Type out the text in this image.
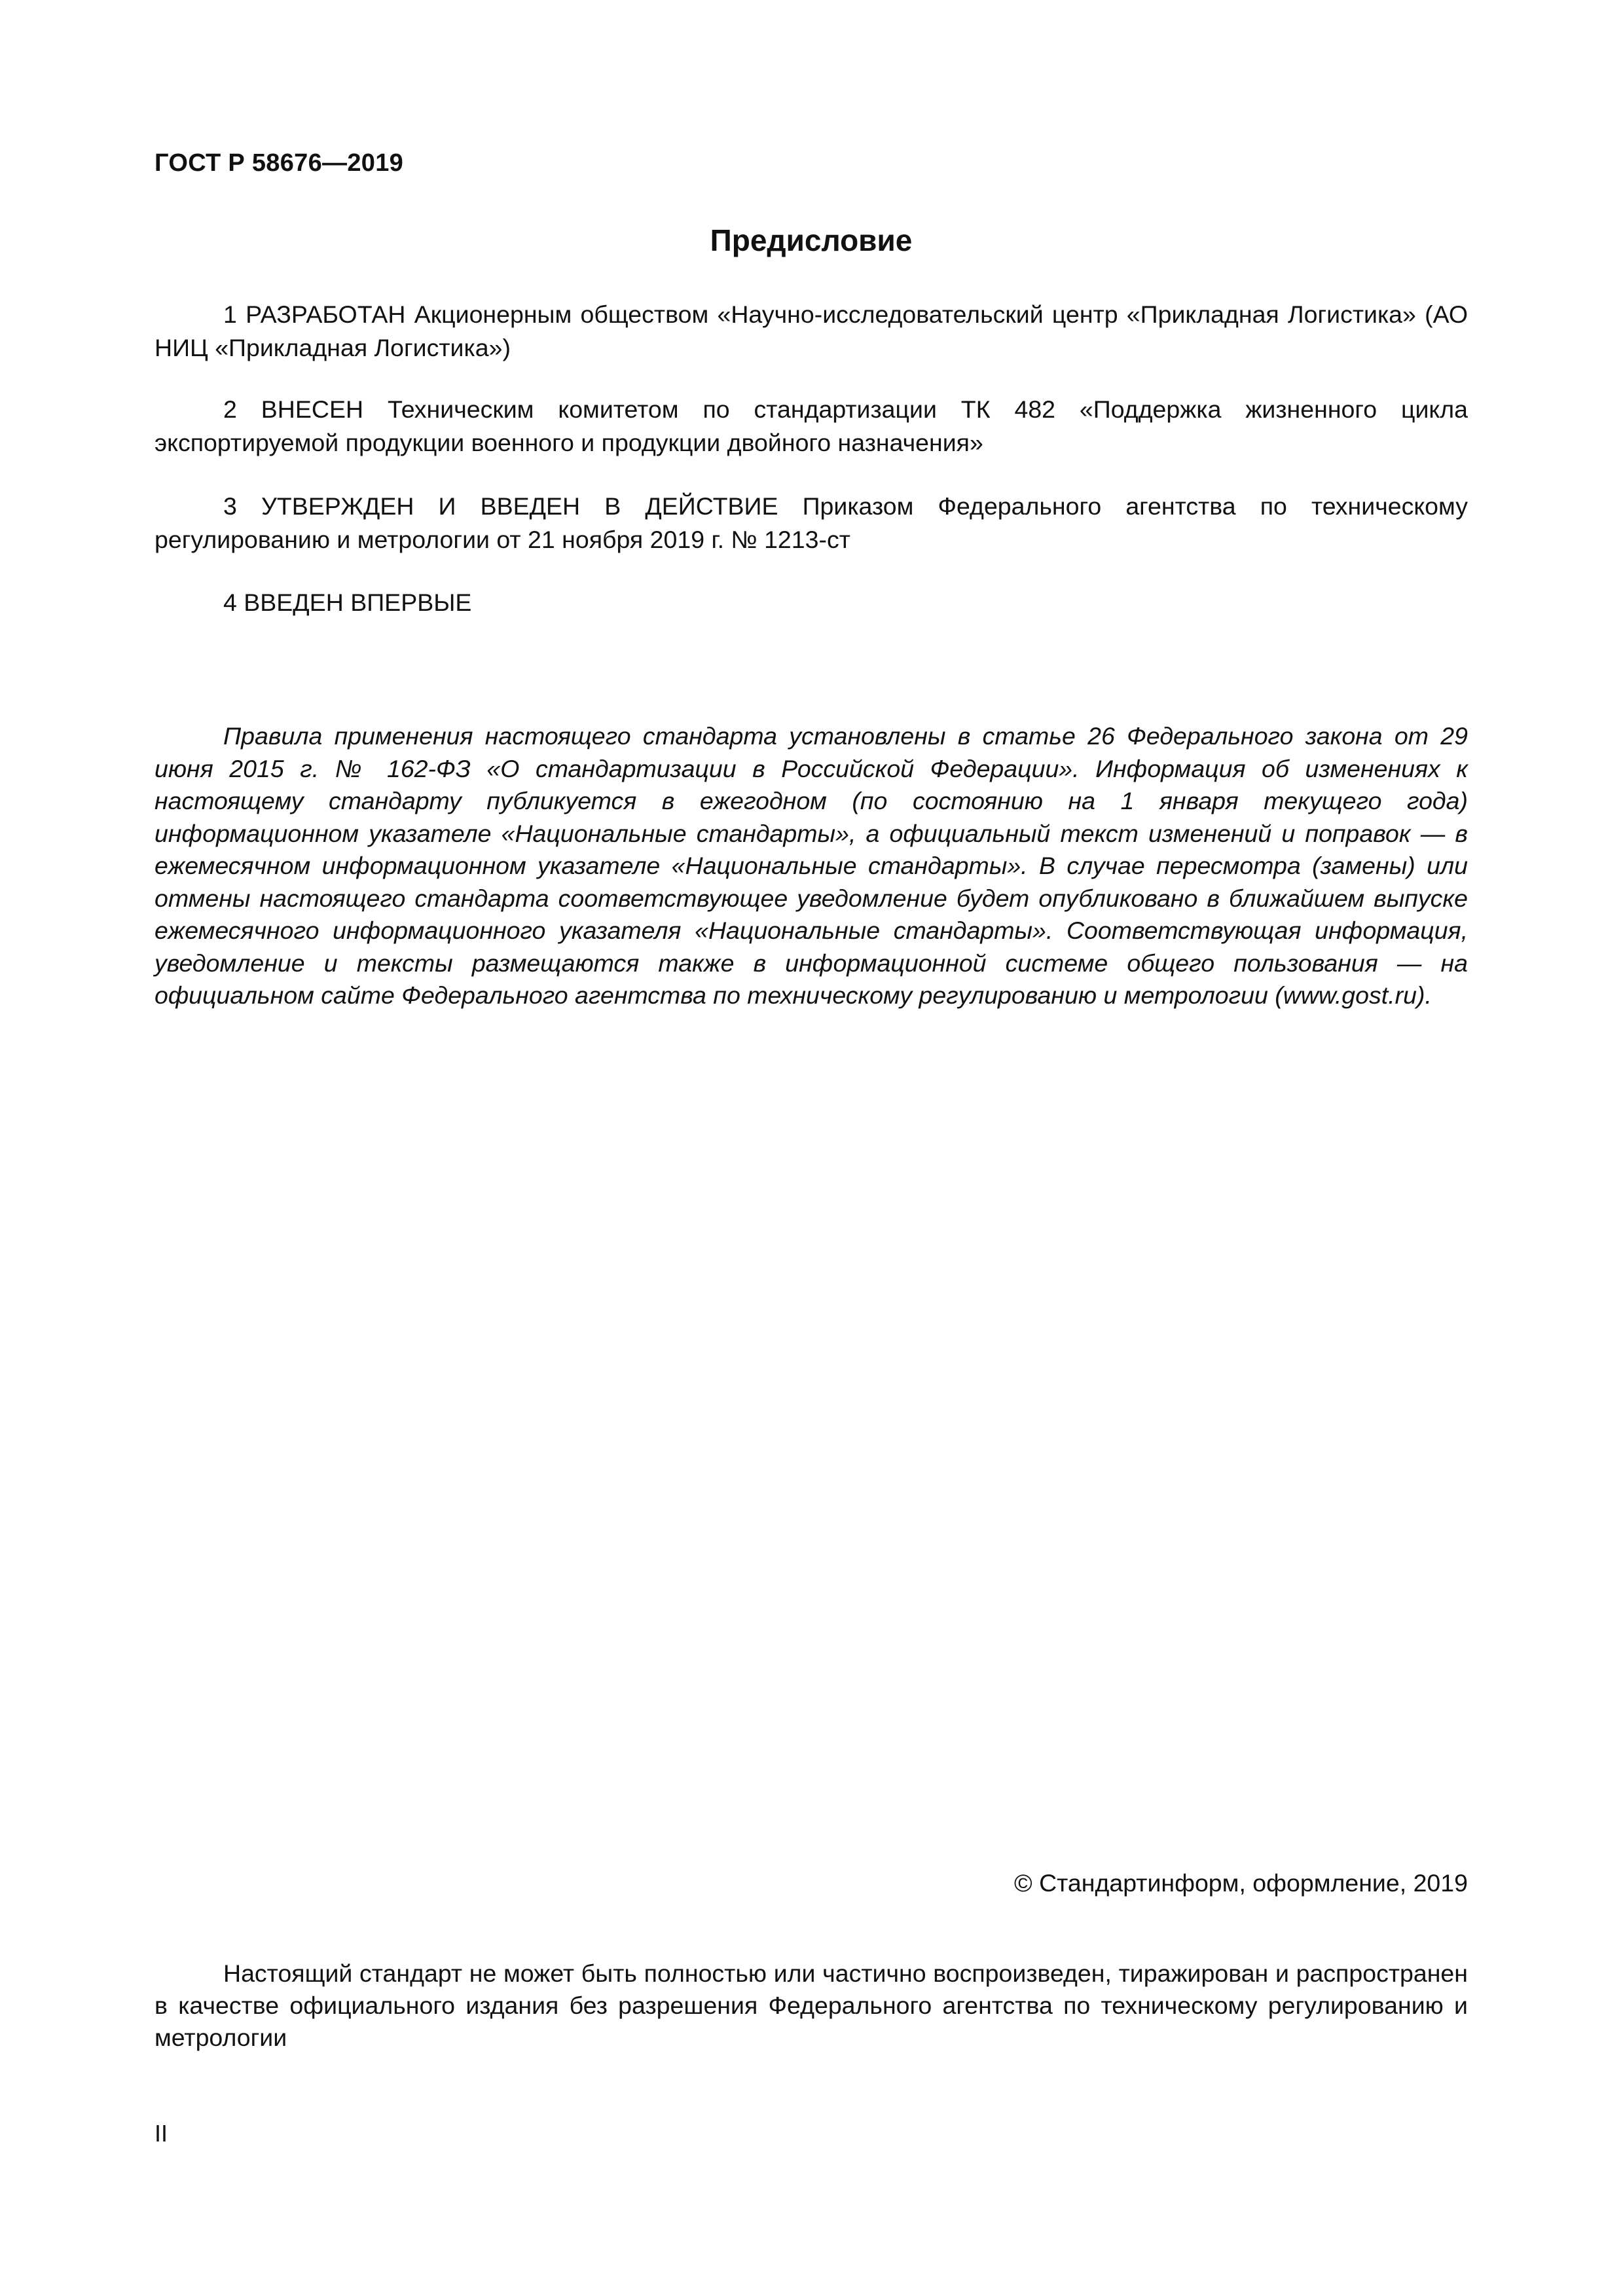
ГОСТ Р 58676—2019
Предисловие

1 РАЗРАБОТАН Акционерным обществом «Научно-исследовательский центр «Прикладная Логистика» (АО НИЦ «Прикладная Логистика»)

2 ВНЕСЕН Техническим комитетом по стандартизации ТК 482 «Поддержка жизненного цикла экспортируемой продукции военного и продукции двойного назначения»

3 УТВЕРЖДЕН И ВВЕДЕН В ДЕЙСТВИЕ Приказом Федерального агентства по техническому регулированию и метрологии от 21 ноября 2019 г. № 1213-ст

4 ВВЕДЕН ВПЕРВЫЕ

Правила применения настоящего стандарта установлены в статье 26 Федерального закона от 29 июня 2015 г. № 162-ФЗ «О стандартизации в Российской Федерации». Информация об изменениях к настоящему стандарту публикуется в ежегодном (по состоянию на 1 января текущего года) информационном указателе «Национальные стандарты», а официальный текст изменений и поправок — в ежемесячном информационном указателе «Национальные стандарты». В случае пересмотра (замены) или отмены настоящего стандарта соответствующее уведомление будет опубликовано в ближайшем выпуске ежемесячного информационного указателя «Национальные стандарты». Соответствующая информация, уведомление и тексты размещаются также в информационной системе общего пользования — на официальном сайте Федерального агентства по техническому регулированию и метрологии (www.gost.ru).

© Стандартинформ, оформление, 2019

Настоящий стандарт не может быть полностью или частично воспроизведен, тиражирован и распространен в качестве официального издания без разрешения Федерального агентства по техническому регулированию и метрологии

II
